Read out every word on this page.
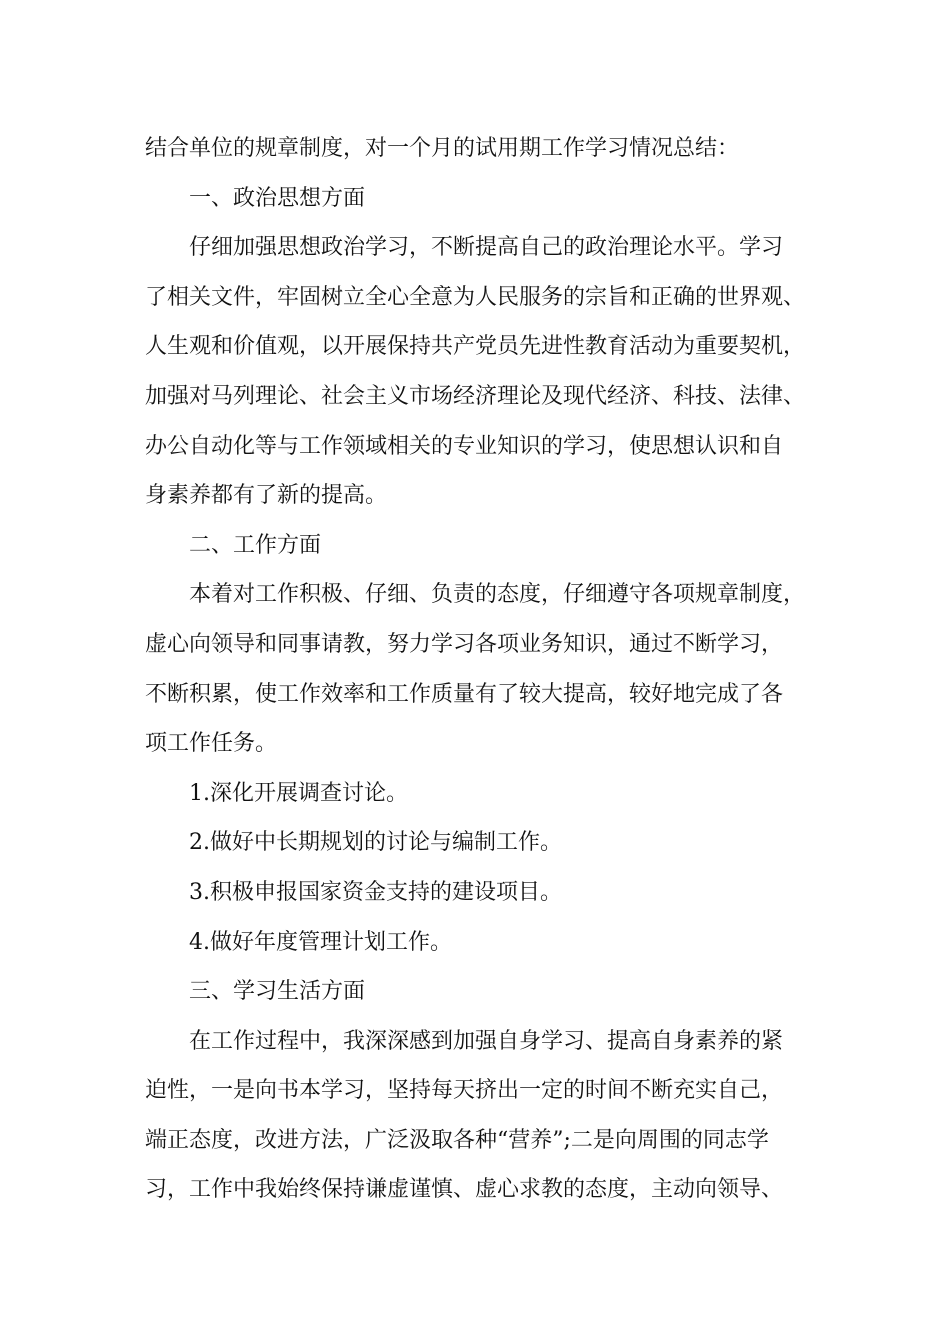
结合单位的规章制度，对一个月的试用期工作学习情况总结：
一、政治思想方面
仔细加强思想政治学习，不断提高自己的政治理论水平。学习
了相关文件，牢固树立全心全意为人民服务的宗旨和正确的世界观、
人生观和价值观，以开展保持共产党员先进性教育活动为重要契机，
加强对马列理论、社会主义市场经济理论及现代经济、科技、法律、
办公自动化等与工作领域相关的专业知识的学习，使思想认识和自
身素养都有了新的提高。
二、工作方面
本着对工作积极、仔细、负责的态度，仔细遵守各项规章制度，
虚心向领导和同事请教，努力学习各项业务知识，通过不断学习，
不断积累，使工作效率和工作质量有了较大提高，较好地完成了各
项工作任务。
1.深化开展调查讨论。
2.做好中长期规划的讨论与编制工作。
3.积极申报国家资金支持的建设项目。
4.做好年度管理计划工作。
三、学习生活方面
在工作过程中，我深深感到加强自身学习、提高自身素养的紧
迫性，一是向书本学习，坚持每天挤出一定的时间不断充实自己，
端正态度，改进方法，广泛汲取各种“营养”;二是向周围的同志学
习，工作中我始终保持谦虚谨慎、虚心求教的态度，主动向领导、
